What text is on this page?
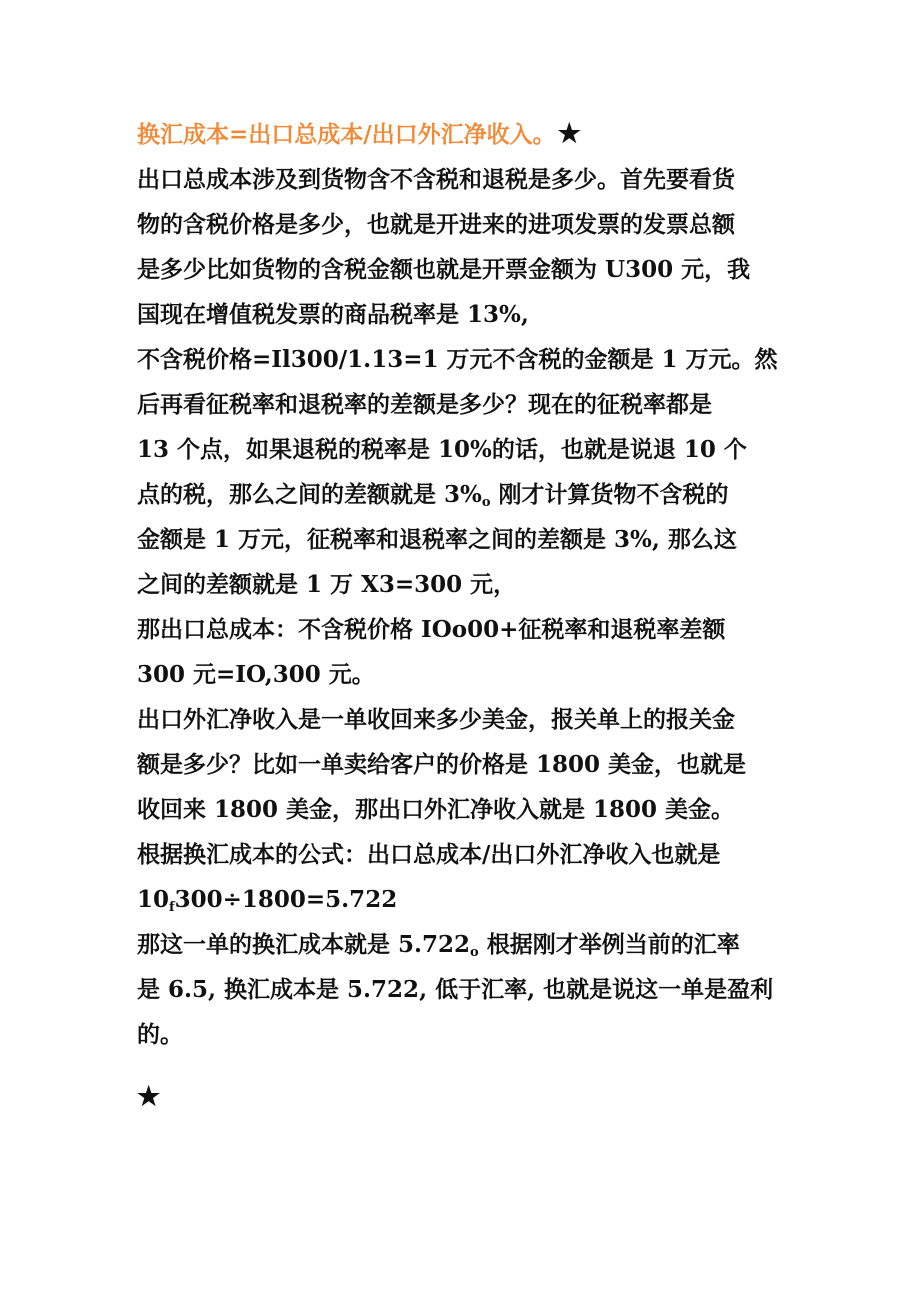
换汇成本=出口总成本/出口外汇净收入。★
出口总成本涉及到货物含不含税和退税是多少。首先要看货
物的含税价格是多少，也就是开进来的进项发票的发票总额
是多少比如货物的含税金额也就是开票金额为 U300 元，我
国现在增值税发票的商品税率是 13%,
不含税价格=Il300/1.13=1 万元不含税的金额是 1 万元。然
后再看征税率和退税率的差额是多少？现在的征税率都是
13 个点，如果退税的税率是 10%的话，也就是说退 10 个
点的税，那么之间的差额就是 $3\%_o$ 刚才计算货物不含税的
金额是 1 万元，征税率和退税率之间的差额是 3%, 那么这
之间的差额就是 1 万 X3=300 元，
那出口总成本：不含税价格 IOo00+征税率和退税率差额
300 元=IO,300 元。
出口外汇净收入是一单收回来多少美金，报关单上的报关金
额是多少？比如一单卖给客户的价格是 1800 美金，也就是
收回来 1800 美金，那出口外汇净收入就是 1800 美金。
根据换汇成本的公式：出口总成本/出口外汇净收入也就是
$10_f300\div 1800=5.722$
那这一单的换汇成本就是 $5.722_o$ 根据刚才举例当前的汇率
是 6.5, 换汇成本是 5.722, 低于汇率, 也就是说这一单是盈利
的。
★
